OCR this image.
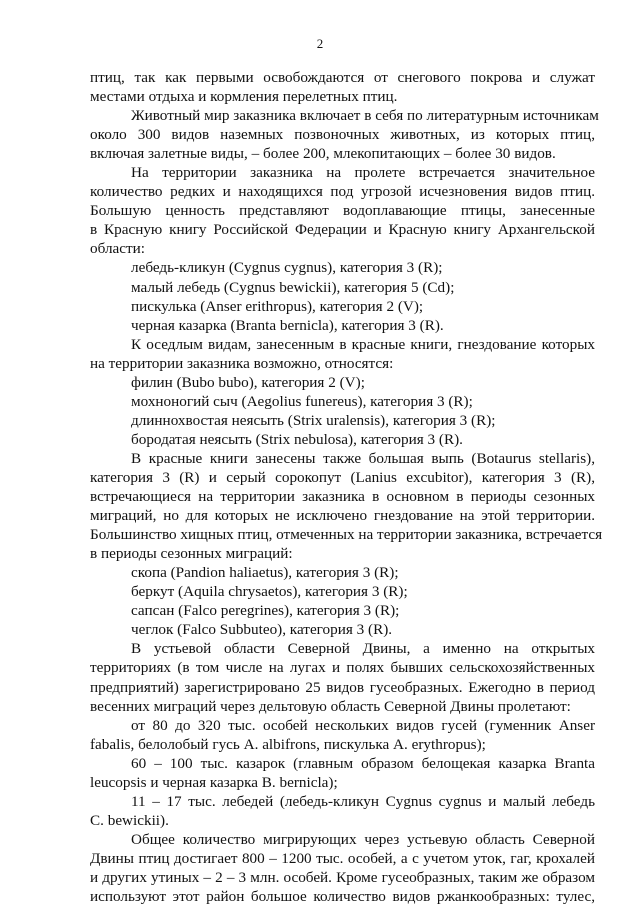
2
птиц, так как первыми освобождаются от снегового покрова и служат
местами отдыха и кормления перелетных птиц.
Животный мир заказника включает в себя по литературным источникам
около 300 видов наземных позвоночных животных, из которых птиц,
включая залетные виды, – более 200, млекопитающих – более 30 видов.
На территории заказника на пролете встречается значительное
количество редких и находящихся под угрозой исчезновения видов птиц.
Большую ценность представляют водоплавающие птицы, занесенные
в Красную книгу Российской Федерации и Красную книгу Архангельской
области:
лебедь-кликун (Cygnus cygnus), категория 3 (R);
малый лебедь (Cygnus bewickii), категория 5 (Cd);
пискулька (Anser erithropus), категория 2 (V);
черная казарка (Branta bernicla), категория 3 (R).
К оседлым видам, занесенным в красные книги, гнездование которых
на территории заказника возможно, относятся:
филин (Bubo bubo), категория 2 (V);
мохноногий сыч (Aegolius funereus), категория 3 (R);
длиннохвостая неясыть (Strix uralensis), категория 3 (R);
бородатая неясыть (Strix nebulosa), категория 3 (R).
В красные книги занесены также большая выпь (Botaurus stellaris),
категория 3 (R) и серый сорокопут (Lanius excubitor), категория 3 (R),
встречающиеся на территории заказника в основном в периоды сезонных
миграций, но для которых не исключено гнездование на этой территории.
Большинство хищных птиц, отмеченных на территории заказника, встречается
в периоды сезонных миграций:
скопа (Pandion haliaetus), категория 3 (R);
беркут (Aquila chrysaetos), категория 3 (R);
сапсан (Falco peregrines), категория 3 (R);
чеглок (Falco Subbuteo), категория 3 (R).
В устьевой области Северной Двины, а именно на открытых
территориях (в том числе на лугах и полях бывших сельскохозяйственных
предприятий) зарегистрировано 25 видов гусеобразных. Ежегодно в период
весенних миграций через дельтовую область Северной Двины пролетают:
от 80 до 320 тыс. особей нескольких видов гусей (гуменник Anser
fabalis, белолобый гусь A. albifrons, пискулька A. erythropus);
60 – 100 тыс. казарок (главным образом белощекая казарка Branta
leucopsis и черная казарка B. bernicla);
11 – 17 тыс. лебедей (лебедь-кликун Cygnus cygnus и малый лебедь
C. bewickii).
Общее количество мигрирующих через устьевую область Северной
Двины птиц достигает 800 – 1200 тыс. особей, а с учетом уток, гаг, крохалей
и других утиных – 2 – 3 млн. особей. Кроме гусеобразных, таким же образом
используют этот район большое количество видов ржанкообразных: тулес,
